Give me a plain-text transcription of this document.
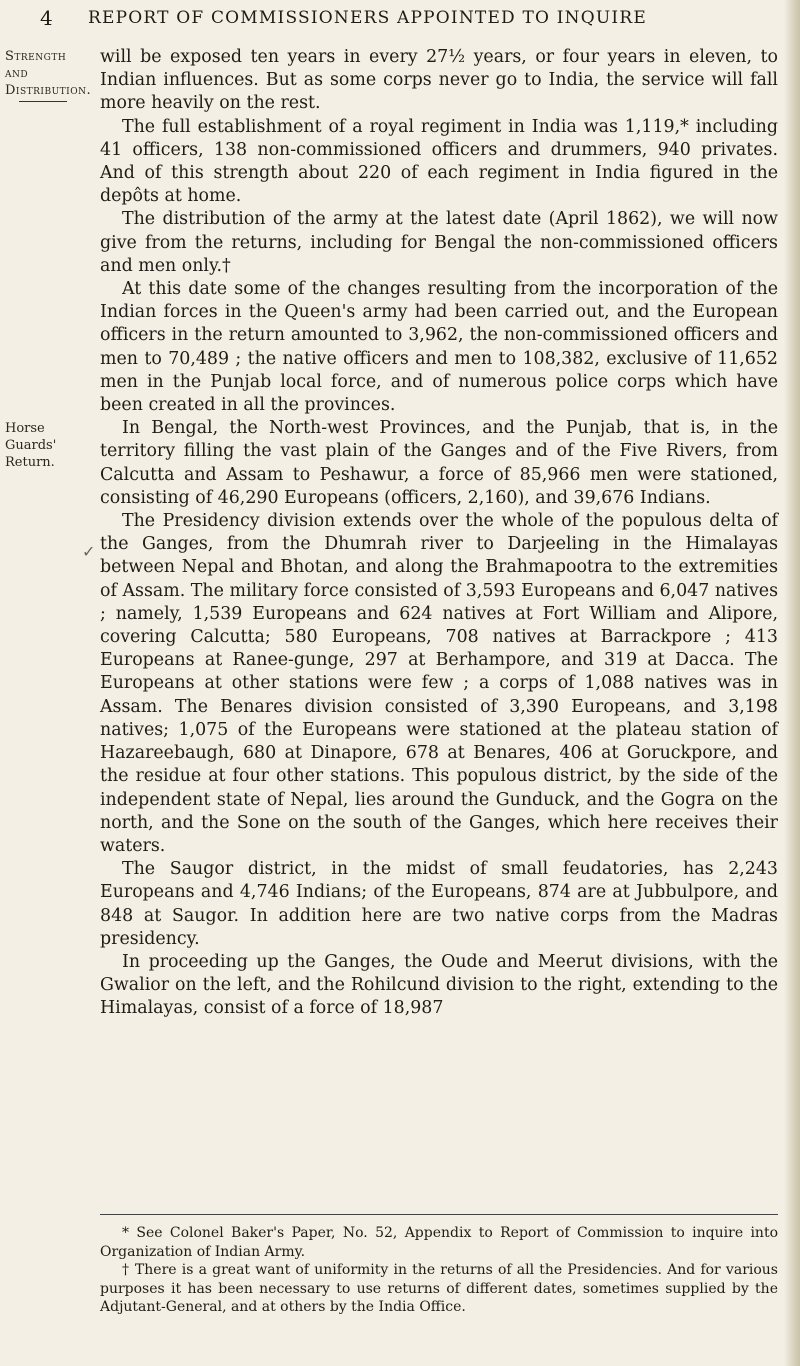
4 REPORT OF COMMISSIONERS APPOINTED TO INQUIRE
Strength and Distribution.
Horse Guards' Return.
✓

will be exposed ten years in every 27½ years, or four years in eleven, to Indian influences. But as some corps never go to India, the service will fall more heavily on the rest.

The full establishment of a royal regiment in India was 1,119,* including 41 officers, 138 non-commissioned officers and drummers, 940 privates. And of this strength about 220 of each regiment in India figured in the depôts at home.

The distribution of the army at the latest date (April 1862), we will now give from the returns, including for Bengal the non-commissioned officers and men only.†

At this date some of the changes resulting from the incorporation of the Indian forces in the Queen's army had been carried out, and the European officers in the return amounted to 3,962, the non-commissioned officers and men to 70,489 ; the native officers and men to 108,382, exclusive of 11,652 men in the Punjab local force, and of numerous police corps which have been created in all the provinces.

In Bengal, the North-west Provinces, and the Punjab, that is, in the territory filling the vast plain of the Ganges and of the Five Rivers, from Calcutta and Assam to Peshawur, a force of 85,966 men were stationed, consisting of 46,290 Europeans (officers, 2,160), and 39,676 Indians.

The Presidency division extends over the whole of the populous delta of the Ganges, from the Dhumrah river to Darjeeling in the Himalayas between Nepal and Bhotan, and along the Brahmapootra to the extremities of Assam. The military force consisted of 3,593 Europeans and 6,047 natives ; namely, 1,539 Europeans and 624 natives at Fort William and Alipore, covering Calcutta; 580 Europeans, 708 natives at Barrackpore ; 413 Europeans at Ranee-gunge, 297 at Berhampore, and 319 at Dacca. The Europeans at other stations were few ; a corps of 1,088 natives was in Assam. The Benares division consisted of 3,390 Europeans, and 3,198 natives; 1,075 of the Europeans were stationed at the plateau station of Hazareebaugh, 680 at Dinapore, 678 at Benares, 406 at Goruckpore, and the residue at four other stations. This populous district, by the side of the independent state of Nepal, lies around the Gunduck, and the Gogra on the north, and the Sone on the south of the Ganges, which here receives their waters.

The Saugor district, in the midst of small feudatories, has 2,243 Europeans and 4,746 Indians; of the Europeans, 874 are at Jubbulpore, and 848 at Saugor. In addition here are two native corps from the Madras presidency.

In proceeding up the Ganges, the Oude and Meerut divisions, with the Gwalior on the left, and the Rohilcund division to the right, extending to the Himalayas, consist of a force of 18,987

* See Colonel Baker's Paper, No. 52, Appendix to Report of Commission to inquire into Organization of Indian Army.

† There is a great want of uniformity in the returns of all the Presidencies. And for various purposes it has been necessary to use returns of different dates, sometimes supplied by the Adjutant-General, and at others by the India Office.
